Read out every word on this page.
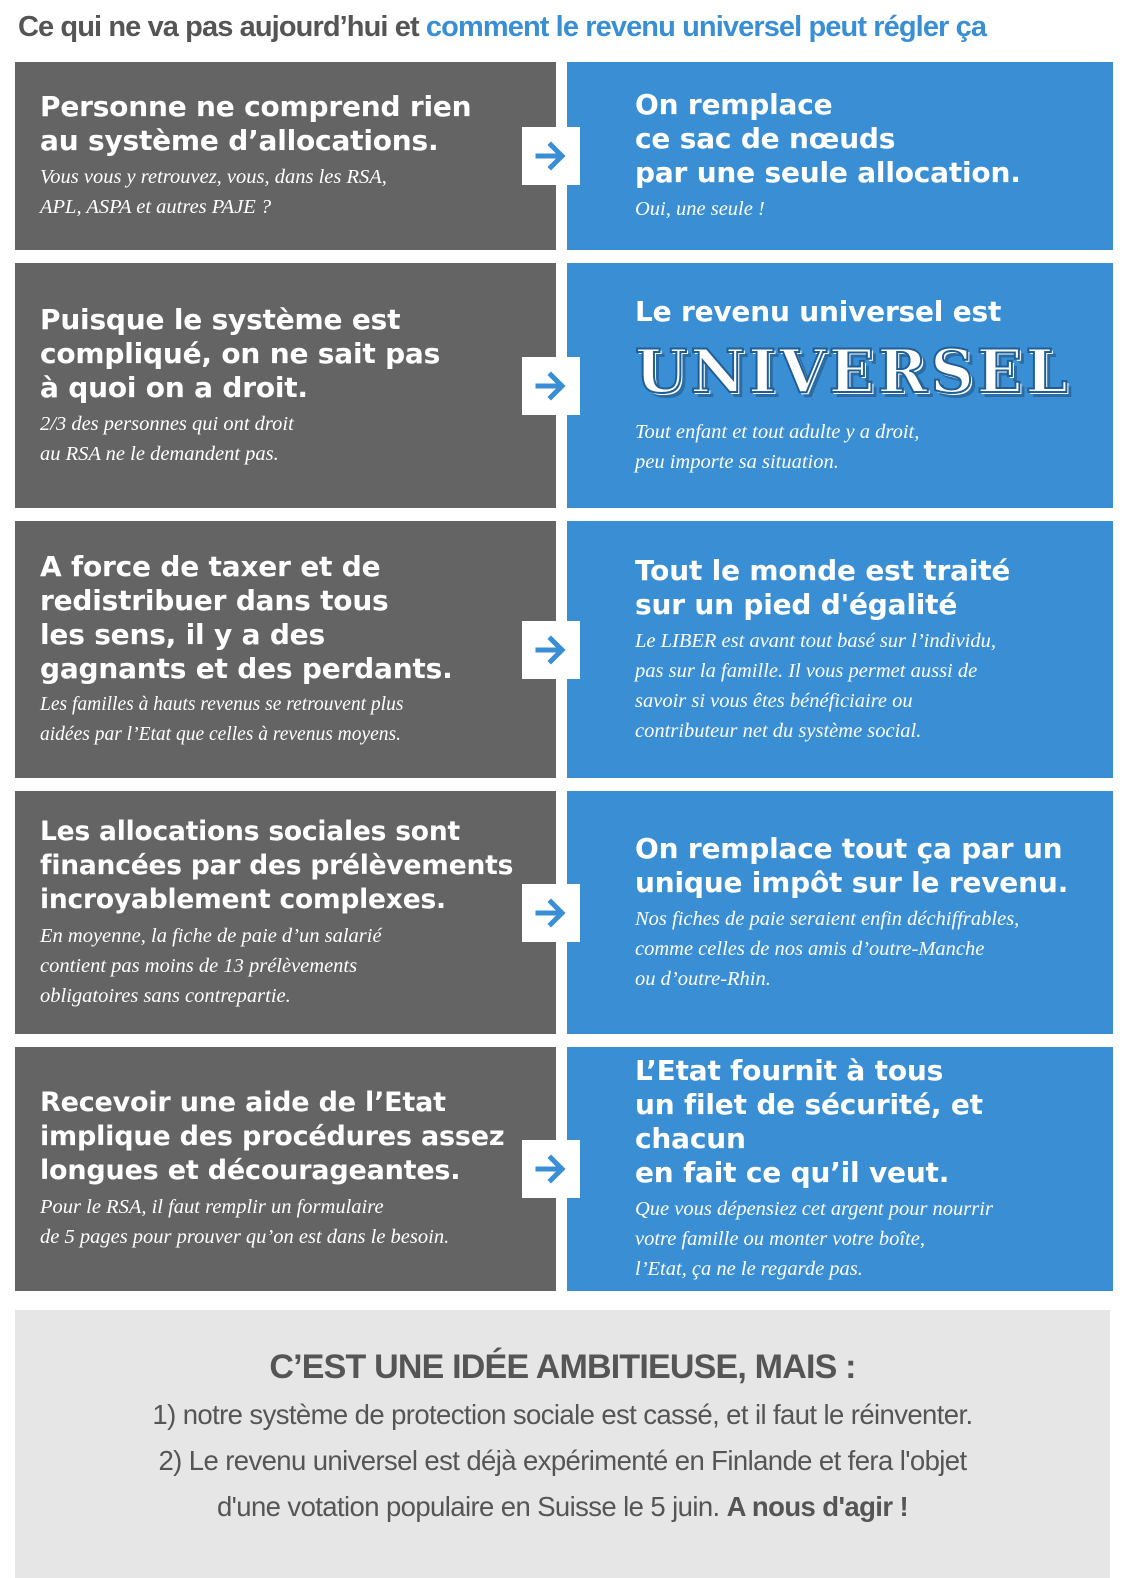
Ce qui ne va pas aujourd’hui et comment le revenu universel peut régler ça
Personne ne comprend rien
au système d’allocations.
Vous vous y retrouvez, vous, dans les RSA,
APL, ASPA et autres PAJE ?
On remplace
ce sac de nœuds
par une seule allocation.
Oui, une seule !
Puisque le système est
compliqué, on ne sait pas
à quoi on a droit.
2/3 des personnes qui ont droit
au RSA ne le demandent pas.
Le revenu universel est
UNIVERSEL
Tout enfant et tout adulte y a droit,
peu importe sa situation.
A force de taxer et de
redistribuer dans tous
les sens, il y a des
gagnants et des perdants.
Les familles à hauts revenus se retrouvent plus
aidées par l’Etat que celles à revenus moyens.
Tout le monde est traité
sur un pied d'égalité
Le LIBER est avant tout basé sur l’individu,
pas sur la famille. Il vous permet aussi de
savoir si vous êtes bénéficiaire ou
contributeur net du système social.
Les allocations sociales sont
financées par des prélèvements
incroyablement complexes.
En moyenne, la fiche de paie d’un salarié
contient pas moins de 13 prélèvements
obligatoires sans contrepartie.
On remplace tout ça par un
unique impôt sur le revenu.
Nos fiches de paie seraient enfin déchiffrables,
comme celles de nos amis d’outre-Manche
ou d’outre-Rhin.
Recevoir une aide de l’Etat
implique des procédures assez
longues et décourageantes.
Pour le RSA, il faut remplir un formulaire
de 5 pages pour prouver qu’on est dans le besoin.
L’Etat fournit à tous
un filet de sécurité, et chacun
en fait ce qu’il veut.
Que vous dépensiez cet argent pour nourrir
votre famille ou monter votre boîte,
l’Etat, ça ne le regarde pas.
C’EST UNE IDÉE AMBITIEUSE, MAIS :
1) notre système de protection sociale est cassé, et il faut le réinventer.
2) Le revenu universel est déjà expérimenté en Finlande et fera l'objet
d'une votation populaire en Suisse le 5 juin. A nous d'agir !
